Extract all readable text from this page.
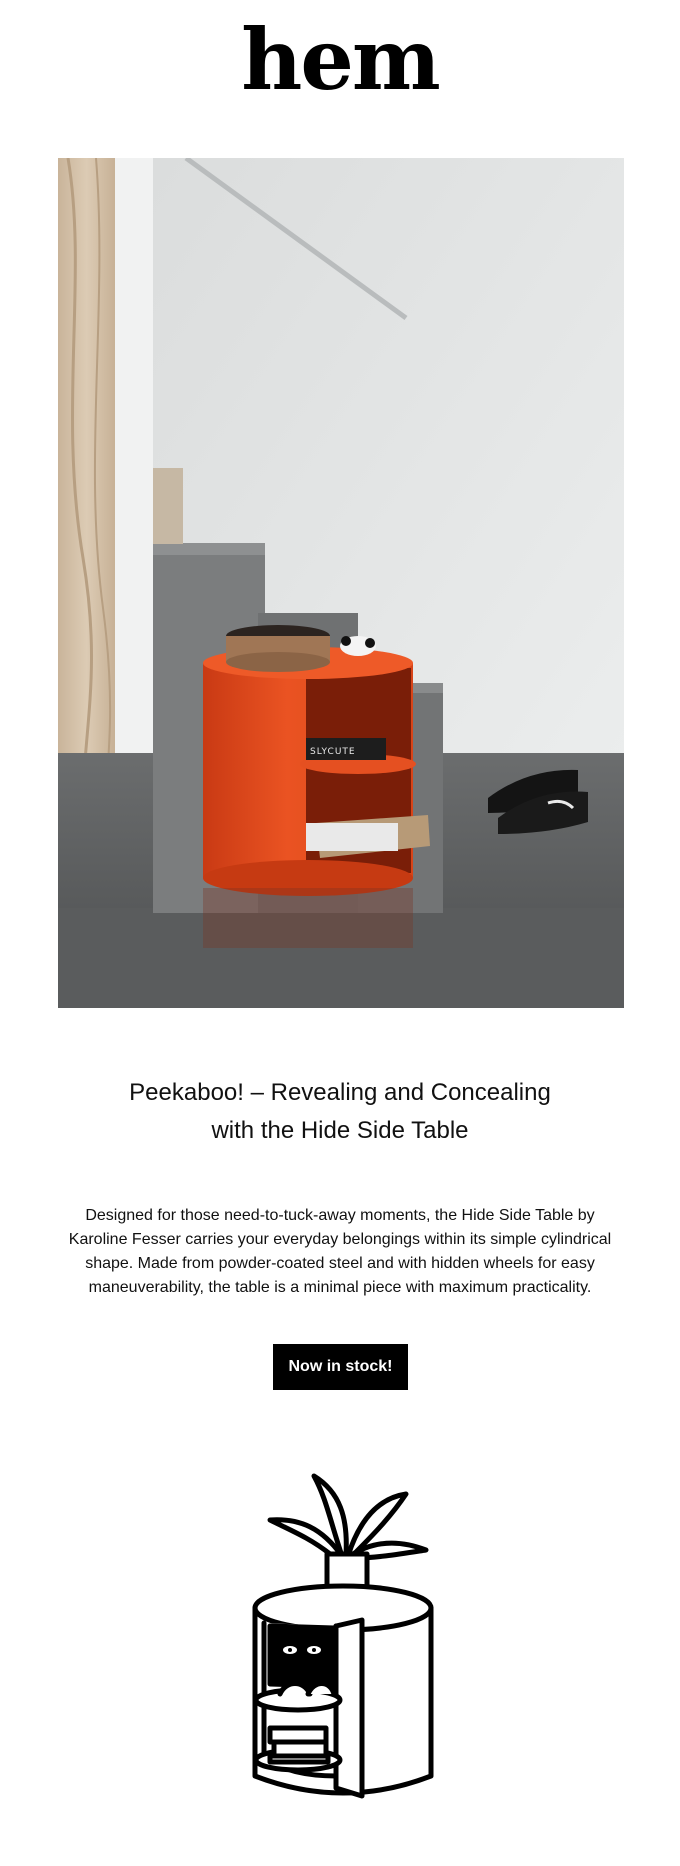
hem
SLYCUTE
Peekaboo! – Revealing and Concealing
with the Hide Side Table

Designed for those need-to-tuck-away moments, the Hide Side Table by Karoline Fesser carries your everyday belongings within its simple cylindrical shape. Made from powder-coated steel and with hidden wheels for easy maneuverability, the table is a minimal piece with maximum practicality.

Now in stock!
